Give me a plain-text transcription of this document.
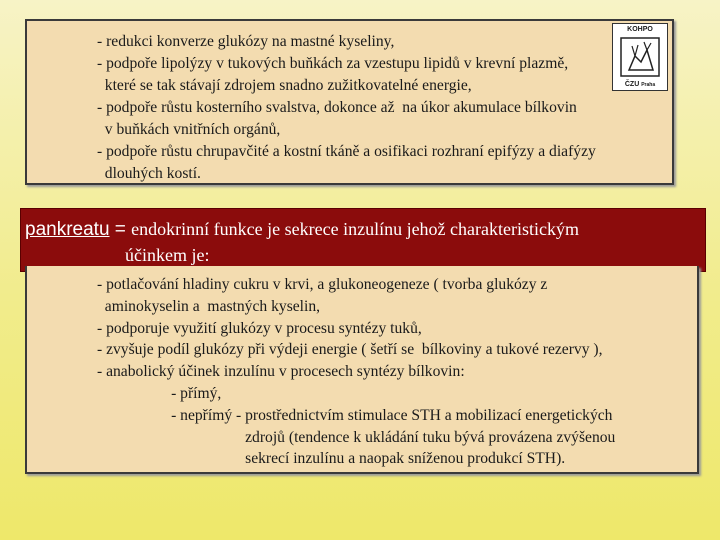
- redukci konverze glukózy na mastné kyseliny,
- podpoře lipolýzy v tukových buňkách za vzestupu lipidů v krevní plazmě,
které se tak stávají zdrojem snadno zužitkovatelné energie,
- podpoře růstu kosterního svalstva, dokonce až  na úkor akumulace bílkovin
v buňkách vnitřních orgánů,
- podpoře růstu chrupavčité a kostní tkáně a osifikaci rozhraní epifýzy a diafýzy
dlouhých kostí.
KOHPO
ČZU Praha
pankreatu = endokrinní funkce je sekrece inzulínu jehož charakteristickým
účinkem je:
- potlačování hladiny cukru v krvi, a glukoneogeneze ( tvorba glukózy z
aminokyselin a  mastných kyselin,
- podporuje využití glukózy v procesu syntézy tuků,
- zvyšuje podíl glukózy při výdeji energie ( šetří se  bílkoviny a tukové rezervy ),
- anabolický účinek inzulínu v procesech syntézy bílkovin:
- přímý,
- nepřímý - prostřednictvím stimulace STH a mobilizací energetických
zdrojů (tendence k ukládání tuku bývá provázena zvýšenou
sekrecí inzulínu a naopak sníženou produkcí STH).
